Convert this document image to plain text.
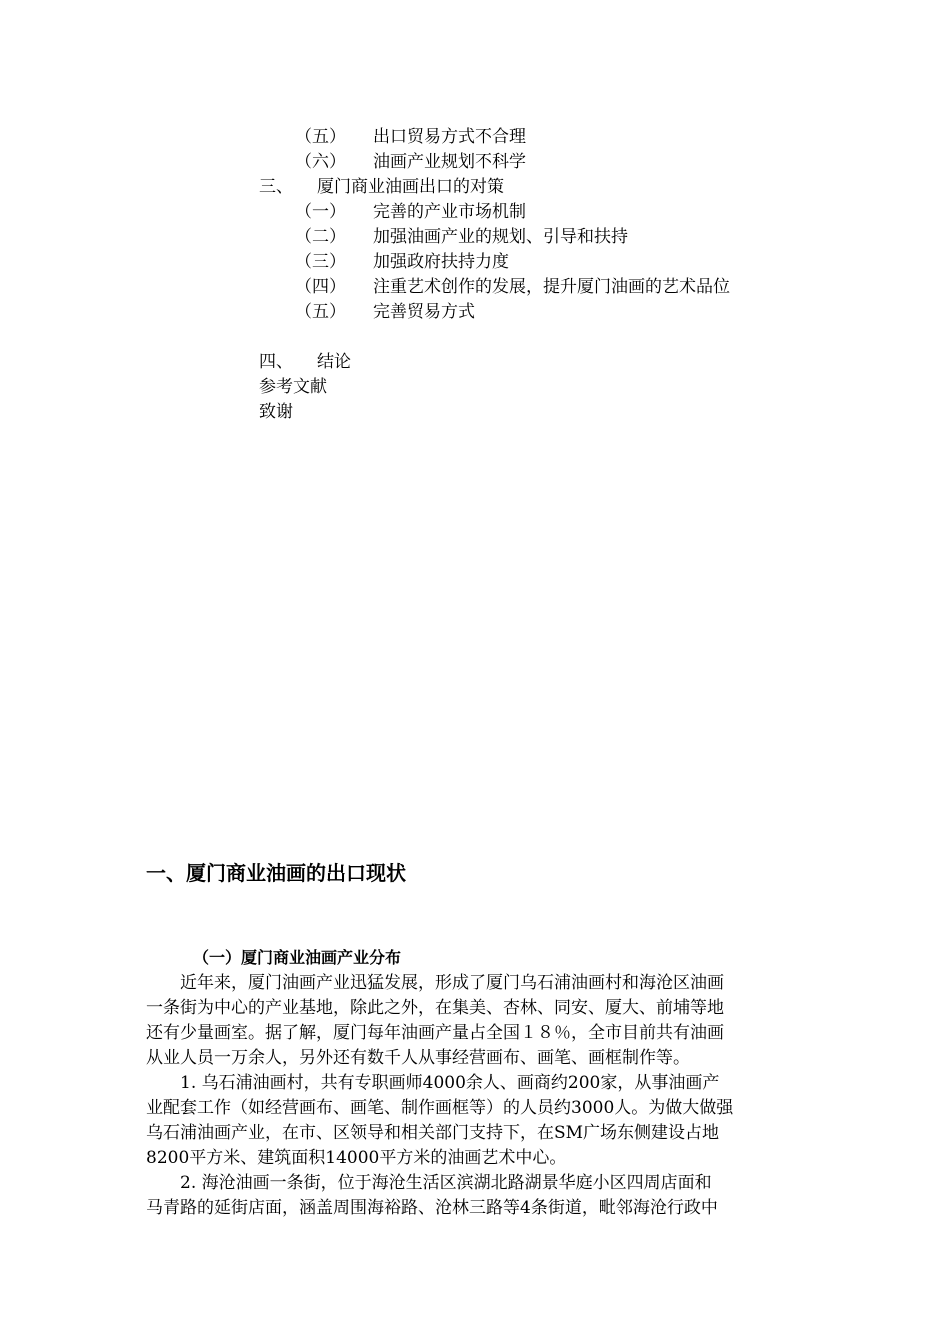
（五） 出口贸易方式不合理
（六） 油画产业规划不科学
三、 厦门商业油画出口的对策
（一） 完善的产业市场机制
（二） 加强油画产业的规划、引导和扶持
（三） 加强政府扶持力度
（四） 注重艺术创作的发展，提升厦门油画的艺术品位
（五） 完善贸易方式
四、 结论
参考文献
致谢
一、厦门商业油画的出口现状
（一）厦门商业油画产业分布
　　近年来，厦门油画产业迅猛发展，形成了厦门乌石浦油画村和海沧区油画
一条街为中心的产业基地，除此之外，在集美、杏林、同安、厦大、前埔等地
还有少量画室。据了解，厦门每年油画产量占全国１８％，全市目前共有油画
从业人员一万余人，另外还有数千人从事经营画布、画笔、画框制作等。
　　1. 乌石浦油画村，共有专职画师4000余人、画商约200家，从事油画产
业配套工作（如经营画布、画笔、制作画框等）的人员约3000人。为做大做强
乌石浦油画产业，在市、区领导和相关部门支持下，在SM广场东侧建设占地
8200平方米、建筑面积14000平方米的油画艺术中心。
　　2. 海沧油画一条街，位于海沧生活区滨湖北路湖景华庭小区四周店面和
马青路的延街店面，涵盖周围海裕路、沧林三路等4条街道，毗邻海沧行政中
